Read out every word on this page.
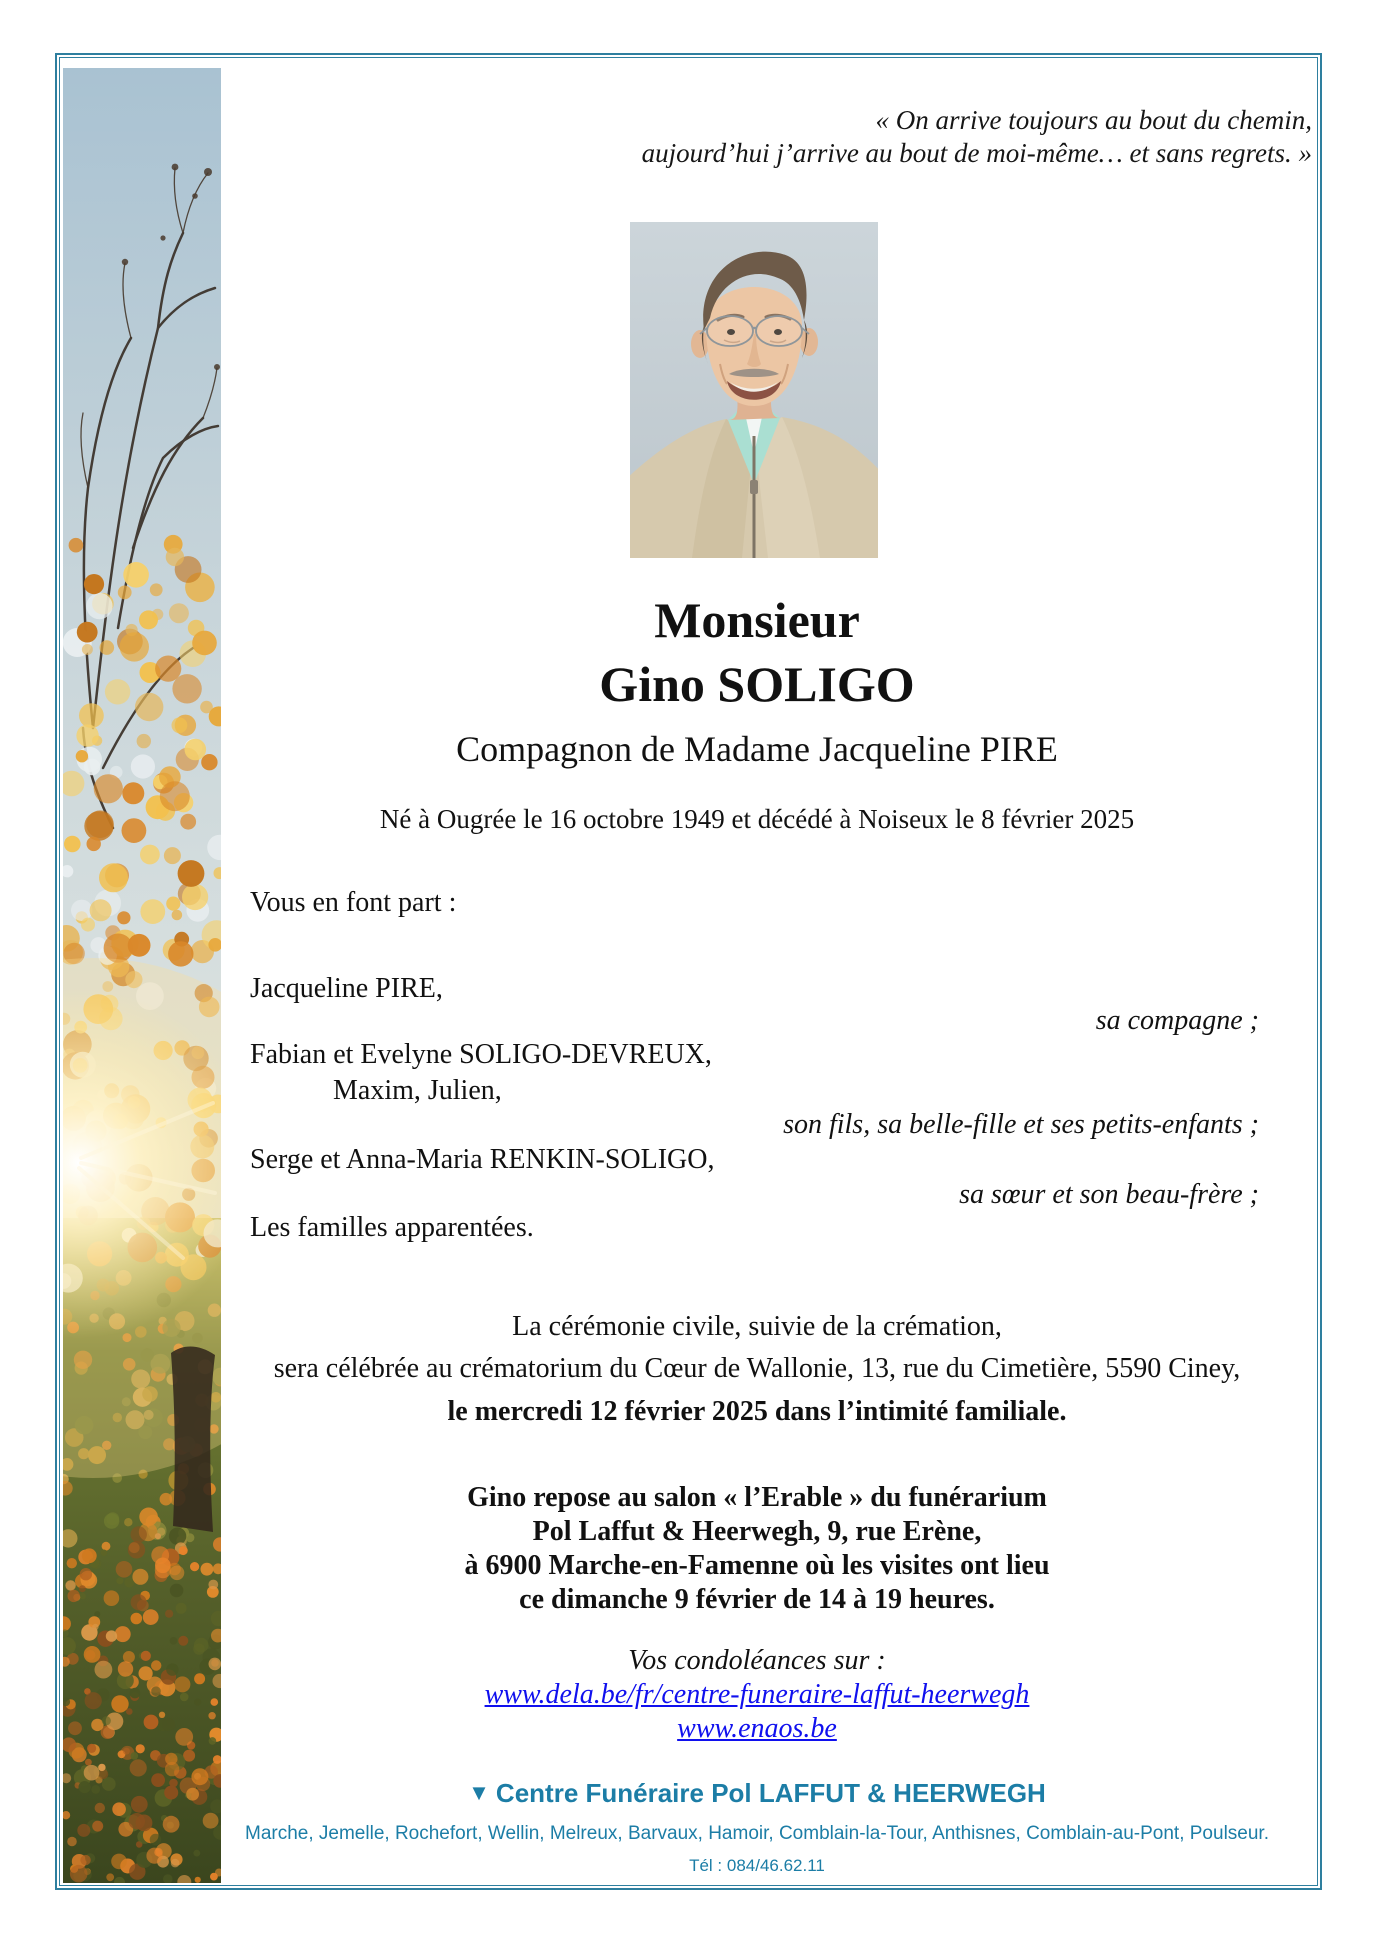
« On arrive toujours au bout du chemin,
aujourd’hui j’arrive au bout de moi-même… et sans regrets. »
Monsieur
Gino SOLIGO
Compagnon de Madame Jacqueline PIRE
Né à Ougrée le 16 octobre 1949 et décédé à Noiseux le 8 février 2025
Vous en font part :
Jacqueline PIRE,
sa compagne ;
Fabian et Evelyne SOLIGO-DEVREUX,
Maxim, Julien,
son fils, sa belle-fille et ses petits-enfants ;
Serge et Anna-Maria RENKIN-SOLIGO,
sa sœur et son beau-frère ;
Les familles apparentées.
La cérémonie civile, suivie de la crémation,
sera célébrée au crématorium du Cœur de Wallonie, 13, rue du Cimetière, 5590 Ciney,
le mercredi 12 février 2025 dans l’intimité familiale.
Gino repose au salon « l’Erable » du funérarium
Pol Laffut & Heerwegh, 9, rue Erène,
à 6900 Marche-en-Famenne où les visites ont lieu
ce dimanche 9 février de 14 à 19 heures.
Vos condoléances sur :
www.dela.be/fr/centre-funeraire-laffut-heerwegh
www.enaos.be
▼ Centre Funéraire Pol LAFFUT & HEERWEGH
Marche, Jemelle, Rochefort, Wellin, Melreux, Barvaux, Hamoir, Comblain-la-Tour, Anthisnes, Comblain-au-Pont, Poulseur.
Tél : 084/46.62.11
